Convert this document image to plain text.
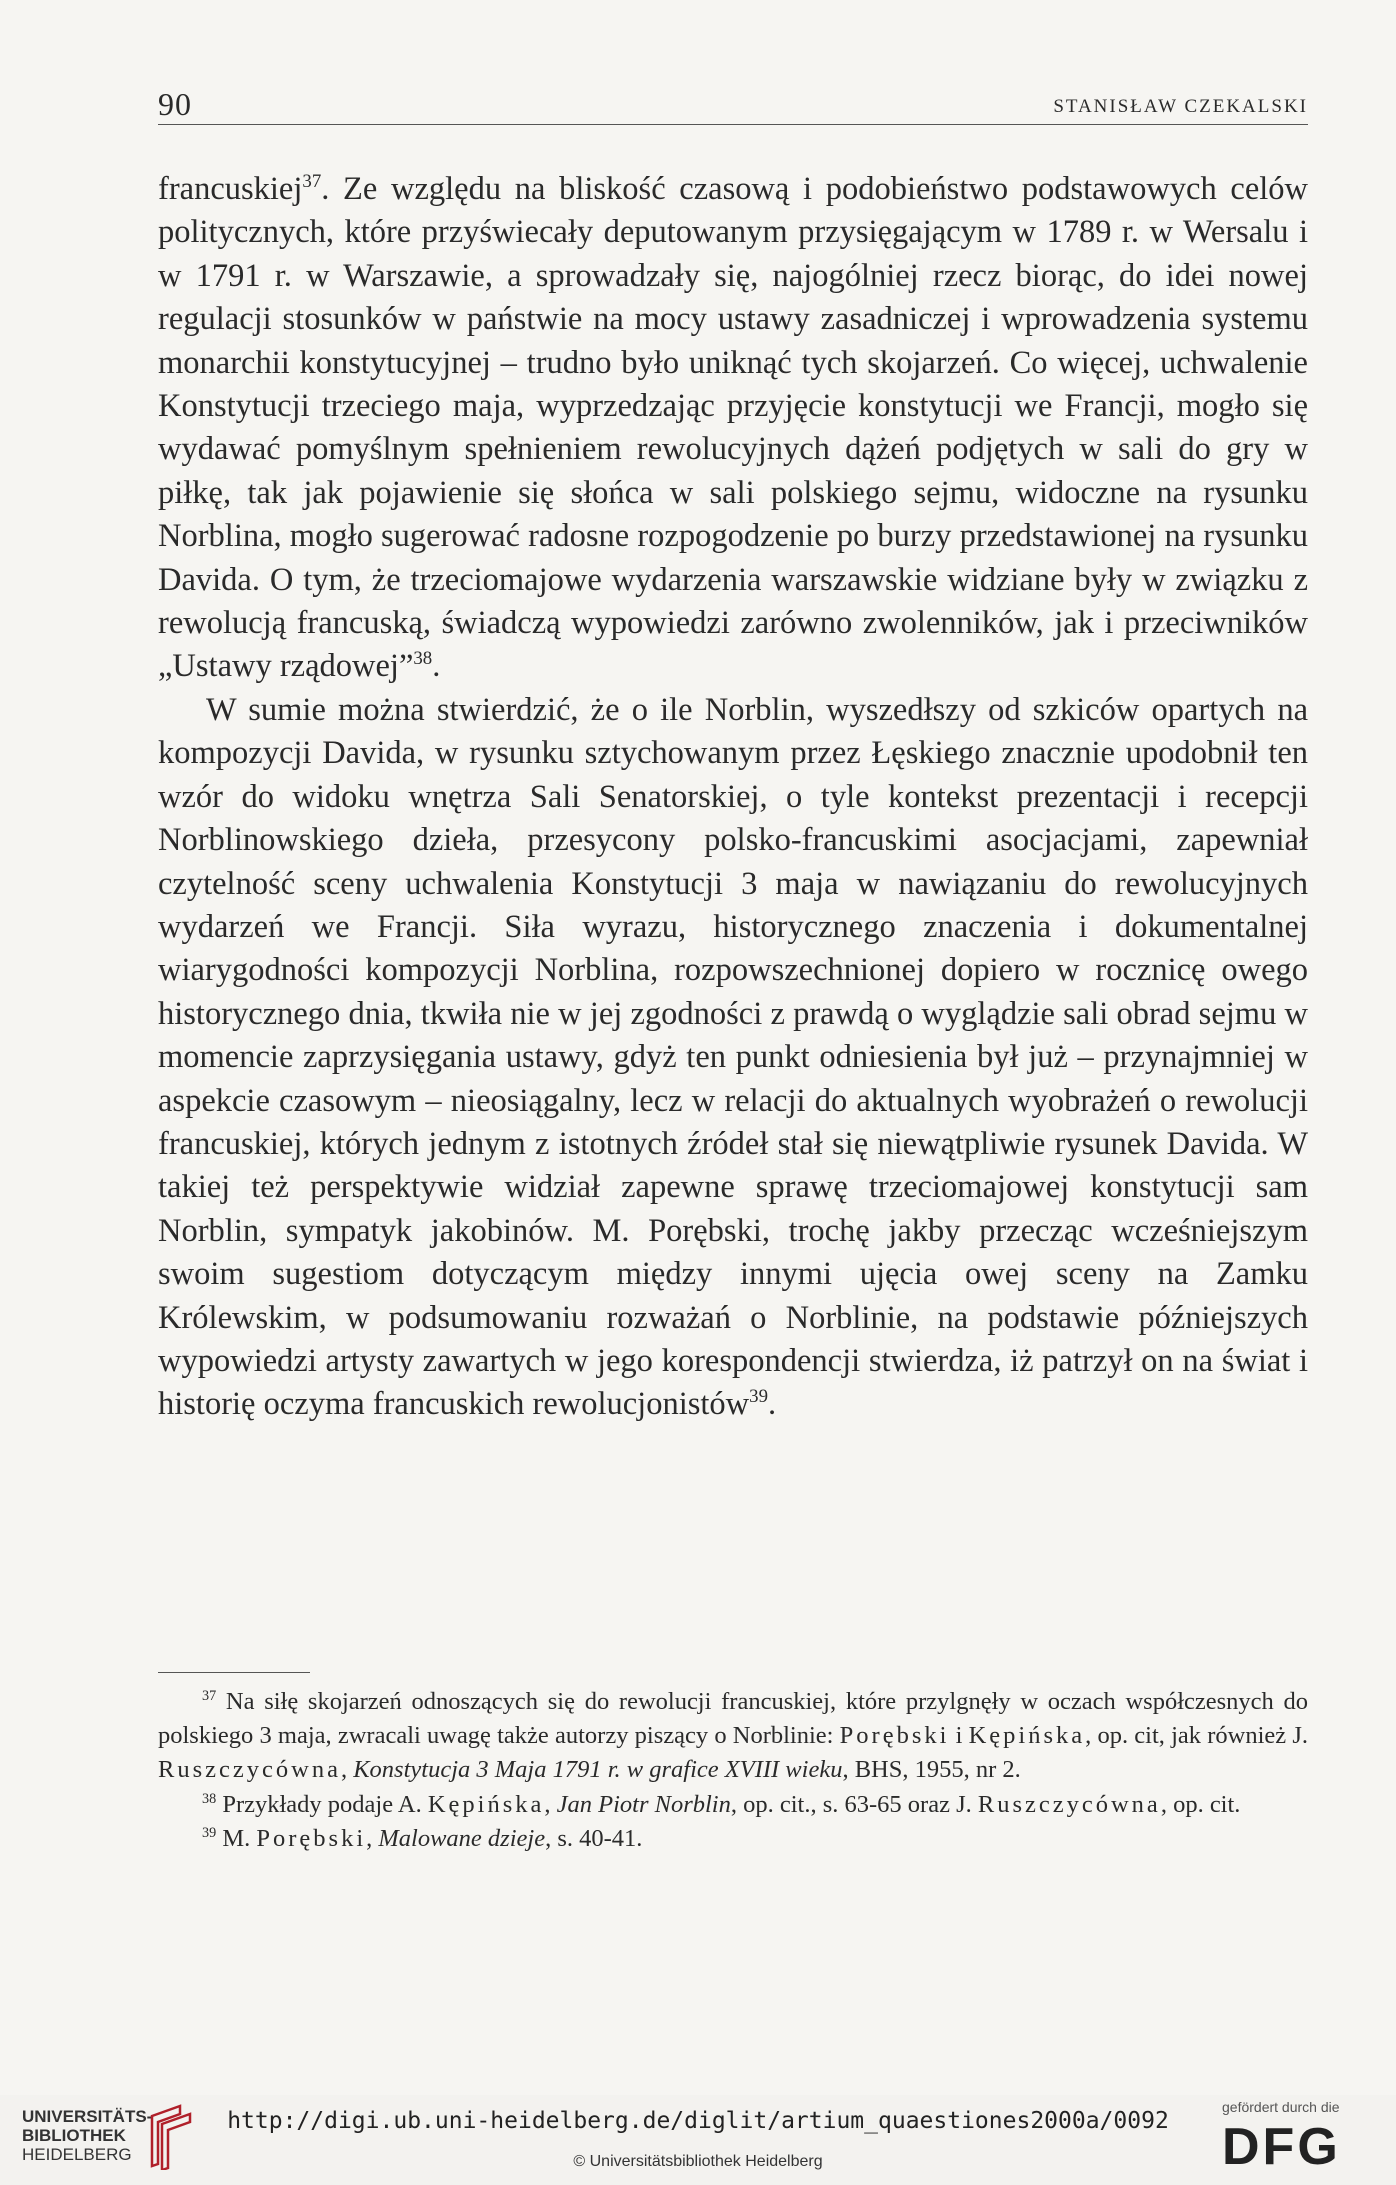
90	STANISŁAW CZEKALSKI

francuskiej$^{37}$. Ze względu na bliskość czasową i podobieństwo podstawowych celów politycznych, które przyświecały deputowanym przysięgającym w 1789 r. w Wersalu i w 1791 r. w Warszawie, a sprowadzały się, najogólniej rzecz biorąc, do idei nowej regulacji stosunków w państwie na mocy ustawy zasadniczej i wprowadzenia systemu monarchii konstytucyjnej – trudno było uniknąć tych skojarzeń. Co więcej, uchwalenie Konstytucji trzeciego maja, wyprzedzając przyjęcie konstytucji we Francji, mogło się wydawać pomyślnym spełnieniem rewolucyjnych dążeń podjętych w sali do gry w piłkę, tak jak pojawienie się słońca w sali polskiego sejmu, widoczne na rysunku Norblina, mogło sugerować radosne rozpogodzenie po burzy przedstawionej na rysunku Davida. O tym, że trzeciomajowe wydarzenia warszawskie widziane były w związku z rewolucją francuską, świadczą wypowiedzi zarówno zwolenników, jak i przeciwników „Ustawy rządowej”$^{38}$.

W sumie można stwierdzić, że o ile Norblin, wyszedłszy od szkiców opartych na kompozycji Davida, w rysunku sztychowanym przez Łęskiego znacznie upodobnił ten wzór do widoku wnętrza Sali Senatorskiej, o tyle kontekst prezentacji i recepcji Norblinowskiego dzieła, przesycony polsko-francuskimi asocjacjami, zapewniał czytelność sceny uchwalenia Konstytucji 3 maja w nawiązaniu do rewolucyjnych wydarzeń we Francji. Siła wyrazu, historycznego znaczenia i dokumentalnej wiarygodności kompozycji Norblina, rozpowszechnionej dopiero w rocznicę owego historycznego dnia, tkwiła nie w jej zgodności z prawdą o wyglądzie sali obrad sejmu w momencie zaprzysięgania ustawy, gdyż ten punkt odniesienia był już – przynajmniej w aspekcie czasowym – nieosiągalny, lecz w relacji do aktualnych wyobrażeń o rewolucji francuskiej, których jednym z istotnych źródeł stał się niewątpliwie rysunek Davida. W takiej też perspektywie widział zapewne sprawę trzeciomajowej konstytucji sam Norblin, sympatyk jakobinów. M. Porębski, trochę jakby przecząc wcześniejszym swoim sugestiom dotyczącym między innymi ujęcia owej sceny na Zamku Królewskim, w podsumowaniu rozważań o Norblinie, na podstawie późniejszych wypowiedzi artysty zawartych w jego korespondencji stwierdza, iż patrzył on na świat i historię oczyma francuskich rewolucjonistów$^{39}$.

$^{37}$ Na siłę skojarzeń odnoszących się do rewolucji francuskiej, które przylgnęły w oczach współczesnych do polskiego 3 maja, zwracali uwagę także autorzy piszący o Norblinie: Porębski i Kępińska, op. cit, jak również J. Ruszczycówna, Konstytucja 3 Maja 1791 r. w grafice XVIII wieku, BHS, 1955, nr 2.

$^{38}$ Przykłady podaje A. Kępińska, Jan Piotr Norblin, op. cit., s. 63-65 oraz J. Ruszczycówna, op. cit.

$^{39}$ M. Porębski, Malowane dzieje, s. 40-41.

UNIVERSITÄTS-
BIBLIOTHEK
HEIDELBERG
http://digi.ub.uni-heidelberg.de/diglit/artium_quaestiones2000a/0092
© Universitätsbibliothek Heidelberg
gefördert durch die
DFG
